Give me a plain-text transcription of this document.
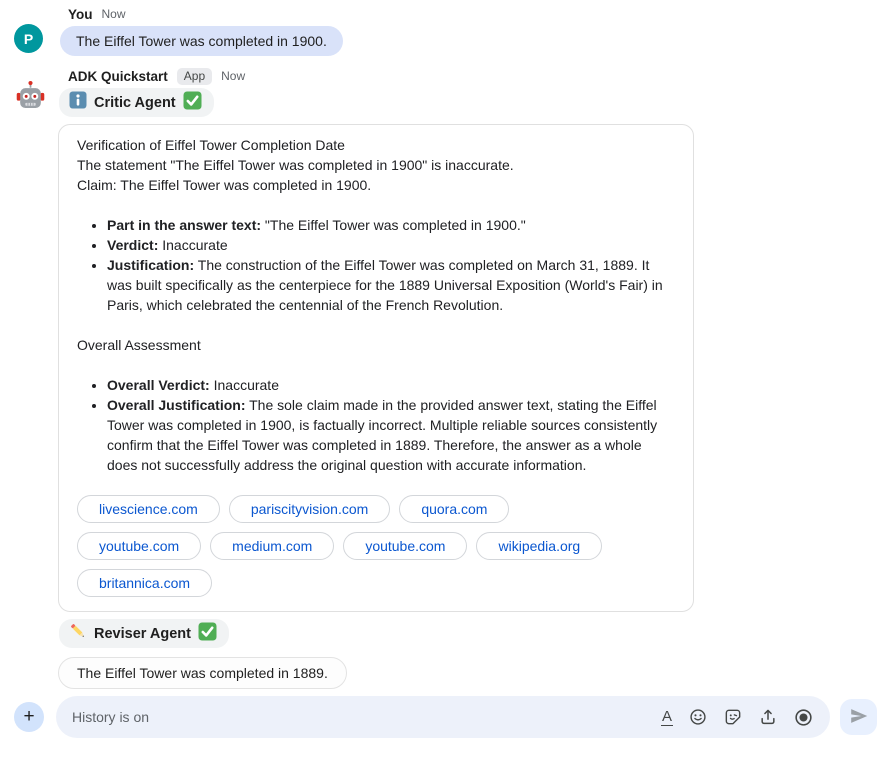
P
You Now
The Eiffel Tower was completed in 1900.
ADK Quickstart	App	Now
Critic Agent
Verification of Eiffel Tower Completion Date
The statement "The Eiffel Tower was completed in 1900" is inaccurate.
Claim: The Eiffel Tower was completed in 1900.
• Part in the answer text: "The Eiffel Tower was completed in 1900."
• Verdict: Inaccurate
• Justification: The construction of the Eiffel Tower was completed on March 31, 1889. It was built specifically as the centerpiece for the 1889 Universal Exposition (World's Fair) in Paris, which celebrated the centennial of the French Revolution.
Overall Assessment
• Overall Verdict: Inaccurate
• Overall Justification: The sole claim made in the provided answer text, stating the Eiffel Tower was completed in 1900, is factually incorrect. Multiple reliable sources consistently confirm that the Eiffel Tower was completed in 1889. Therefore, the answer as a whole does not successfully address the original question with accurate information.
livescience.com	pariscityvision.com	quora.com
youtube.com	medium.com	youtube.com	wikipedia.org
britannica.com
Reviser Agent
The Eiffel Tower was completed in 1889.
+
History is on	A
